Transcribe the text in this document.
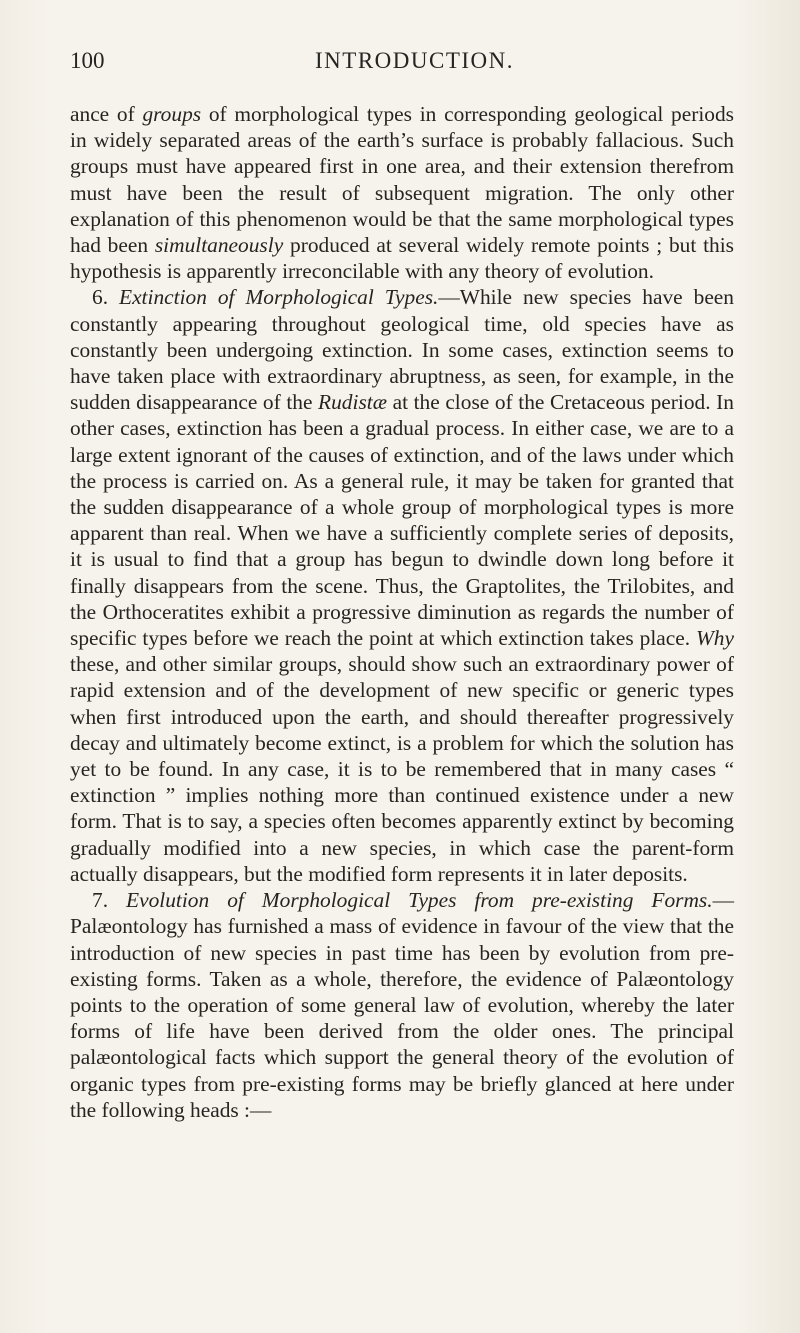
100	INTRODUCTION.

ance of groups of morphological types in corresponding geological periods in widely separated areas of the earth’s surface is probably fallacious. Such groups must have appeared first in one area, and their extension therefrom must have been the result of subsequent migration. The only other explanation of this phenomenon would be that the same morphological types had been simultaneously produced at several widely remote points ; but this hypothesis is apparently irreconcilable with any theory of evolution.

6. Extinction of Morphological Types.—While new species have been constantly appearing throughout geological time, old species have as constantly been undergoing extinction. In some cases, extinction seems to have taken place with extraordinary abruptness, as seen, for example, in the sudden disappearance of the Rudistæ at the close of the Cretaceous period. In other cases, extinction has been a gradual process. In either case, we are to a large extent ignorant of the causes of extinction, and of the laws under which the process is carried on. As a general rule, it may be taken for granted that the sudden disappearance of a whole group of morphological types is more apparent than real. When we have a sufficiently complete series of deposits, it is usual to find that a group has begun to dwindle down long before it finally disappears from the scene. Thus, the Graptolites, the Trilobites, and the Orthoceratites exhibit a progressive diminution as regards the number of specific types before we reach the point at which extinction takes place. Why these, and other similar groups, should show such an extraordinary power of rapid extension and of the development of new specific or generic types when first introduced upon the earth, and should thereafter progressively decay and ultimately become extinct, is a problem for which the solution has yet to be found. In any case, it is to be remembered that in many cases “ extinction ” implies nothing more than continued existence under a new form. That is to say, a species often becomes apparently extinct by becoming gradually modified into a new species, in which case the parent-form actually disappears, but the modified form represents it in later deposits.

7. Evolution of Morphological Types from pre-existing Forms.—Palæontology has furnished a mass of evidence in favour of the view that the introduction of new species in past time has been by evolution from pre-existing forms. Taken as a whole, therefore, the evidence of Palæontology points to the operation of some general law of evolution, whereby the later forms of life have been derived from the older ones. The principal palæontological facts which support the general theory of the evolution of organic types from pre-existing forms may be briefly glanced at here under the following heads :—
